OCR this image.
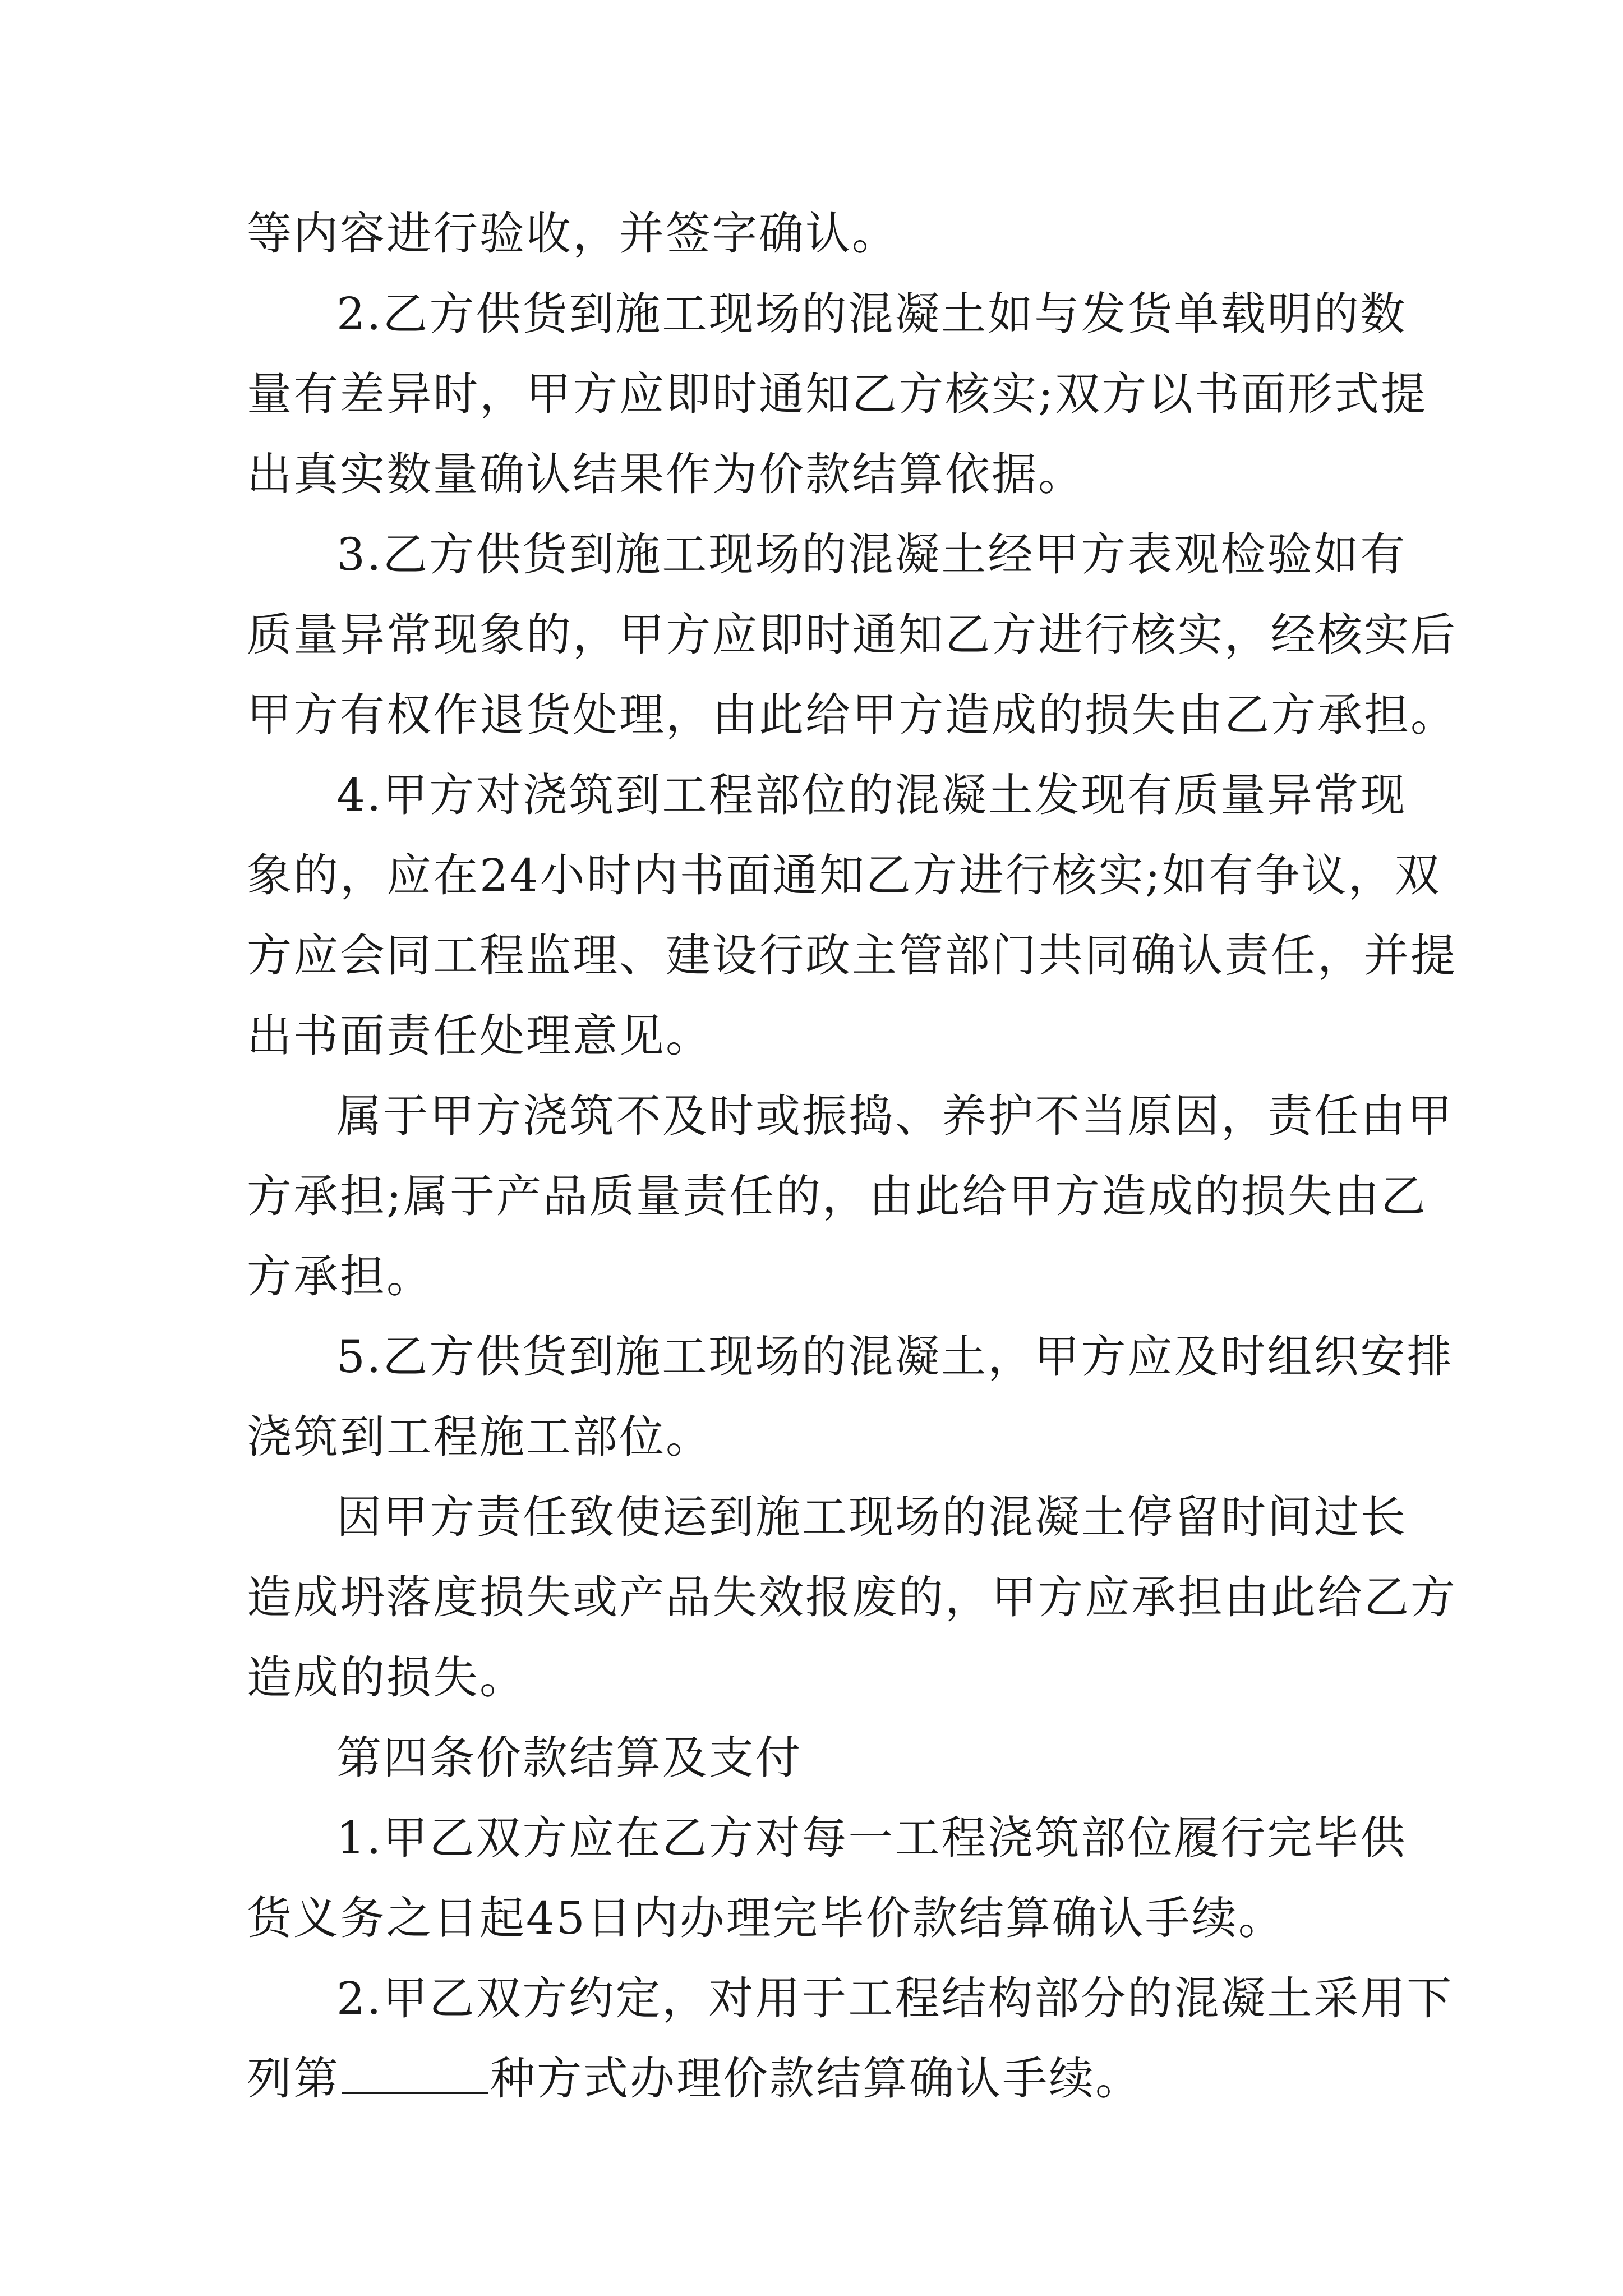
等内容进行验收，并签字确认。

2.乙方供货到施工现场的混凝土如与发货单载明的数
量有差异时，甲方应即时通知乙方核实;双方以书面形式提
出真实数量确认结果作为价款结算依据。

3.乙方供货到施工现场的混凝土经甲方表观检验如有
质量异常现象的，甲方应即时通知乙方进行核实，经核实后
甲方有权作退货处理，由此给甲方造成的损失由乙方承担。

4.甲方对浇筑到工程部位的混凝土发现有质量异常现
象的，应在24小时内书面通知乙方进行核实;如有争议，双
方应会同工程监理、建设行政主管部门共同确认责任，并提
出书面责任处理意见。

属于甲方浇筑不及时或振捣、养护不当原因，责任由甲
方承担;属于产品质量责任的，由此给甲方造成的损失由乙
方承担。

5.乙方供货到施工现场的混凝土，甲方应及时组织安排
浇筑到工程施工部位。

因甲方责任致使运到施工现场的混凝土停留时间过长
造成坍落度损失或产品失效报废的，甲方应承担由此给乙方
造成的损失。

第四条价款结算及支付

1.甲乙双方应在乙方对每一工程浇筑部位履行完毕供
货义务之日起45日内办理完毕价款结算确认手续。

2.甲乙双方约定，对用于工程结构部分的混凝土采用下
列第	种方式办理价款结算确认手续。
